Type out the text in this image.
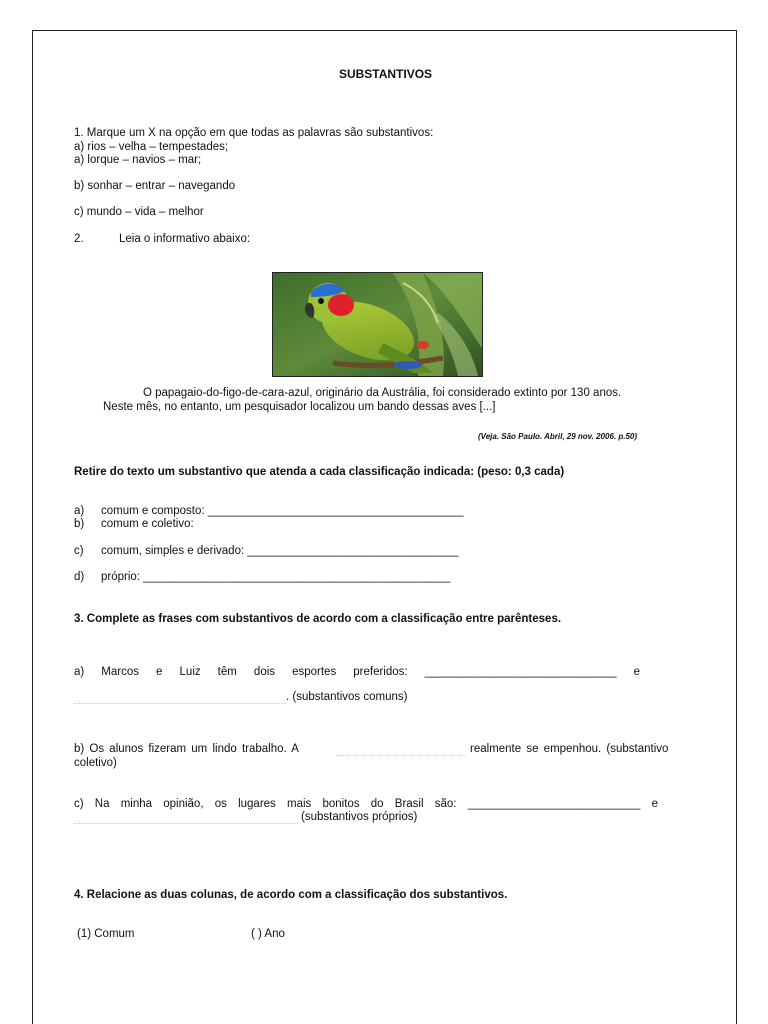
SUBSTANTIVOS
1. Marque um X na opção em que todas as palavras são substantivos:
a) rios – velha – tempestades;
a) lorque – navios – mar;
b) sonhar – entrar – navegando
c) mundo – vida – melhor
2.	Leia o informativo abaixo:
O papagaio-do-figo-de-cara-azul, originário da Austrália, foi considerado extinto por 130 anos.
Neste mês, no entanto, um pesquisador localizou um bando dessas aves [...]
(Veja. São Paulo. Abril, 29 nov. 2006. p.50)
Retire do texto um substantivo que atenda a cada classificação indicada: (peso: 0,3 cada)
a) comum e composto: ________________________________________
b) comum e coletivo:
c) comum, simples e derivado: _________________________________
d) próprio: ________________________________________________
3. Complete as frases com substantivos de acordo com a classificação entre parênteses.
a) Marcos e Luiz têm dois esportes preferidos: ______________________________ e
. (substantivos comuns)
b) Os alunos fizeram um lindo trabalho. A	realmente se empenhou. (substantivo
coletivo)
c) Na minha opinião, os lugares mais bonitos do Brasil são: ___________________________ e
(substantivos próprios)
4. Relacione as duas colunas, de acordo com a classificação dos substantivos.
(1) Comum	( ) Ano
